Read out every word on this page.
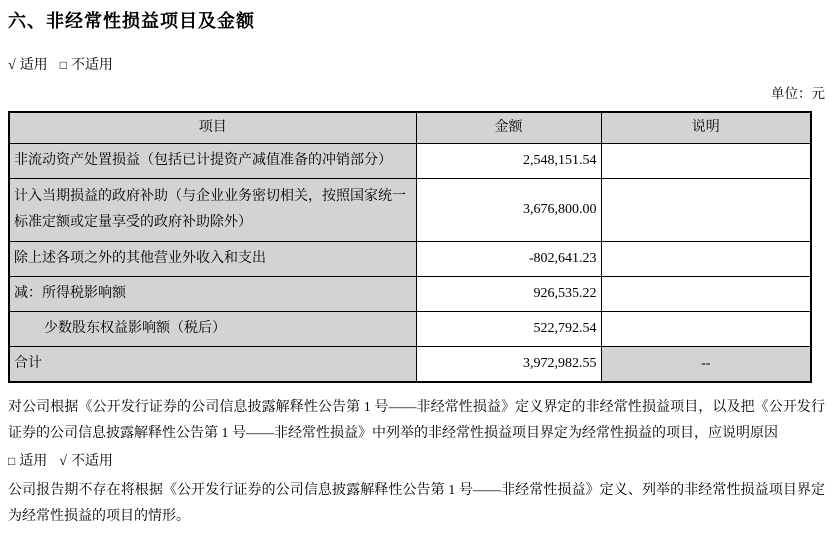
六、非经常性损益项目及金额
√ 适用 □ 不适用
单位：元
项目	金额	说明
非流动资产处置损益（包括已计提资产减值准备的冲销部分）	2,548,151.54	
计入当期损益的政府补助（与企业业务密切相关，按照国家统一标准定额或定量享受的政府补助除外）	3,676,800.00	
除上述各项之外的其他营业外收入和支出	-802,641.23	
减：所得税影响额	926,535.22	
少数股东权益影响额（税后）	522,792.54	
合计	3,972,982.55	--

对公司根据《公开发行证券的公司信息披露解释性公告第 1 号——非经常性损益》定义界定的非经常性损益项目，以及把《公开发行证券的公司信息披露解释性公告第 1 号——非经常性损益》中列举的非经常性损益项目界定为经常性损益的项目，应说明原因

□ 适用 √ 不适用

公司报告期不存在将根据《公开发行证券的公司信息披露解释性公告第 1 号——非经常性损益》定义、列举的非经常性损益项目界定为经常性损益的项目的情形。
